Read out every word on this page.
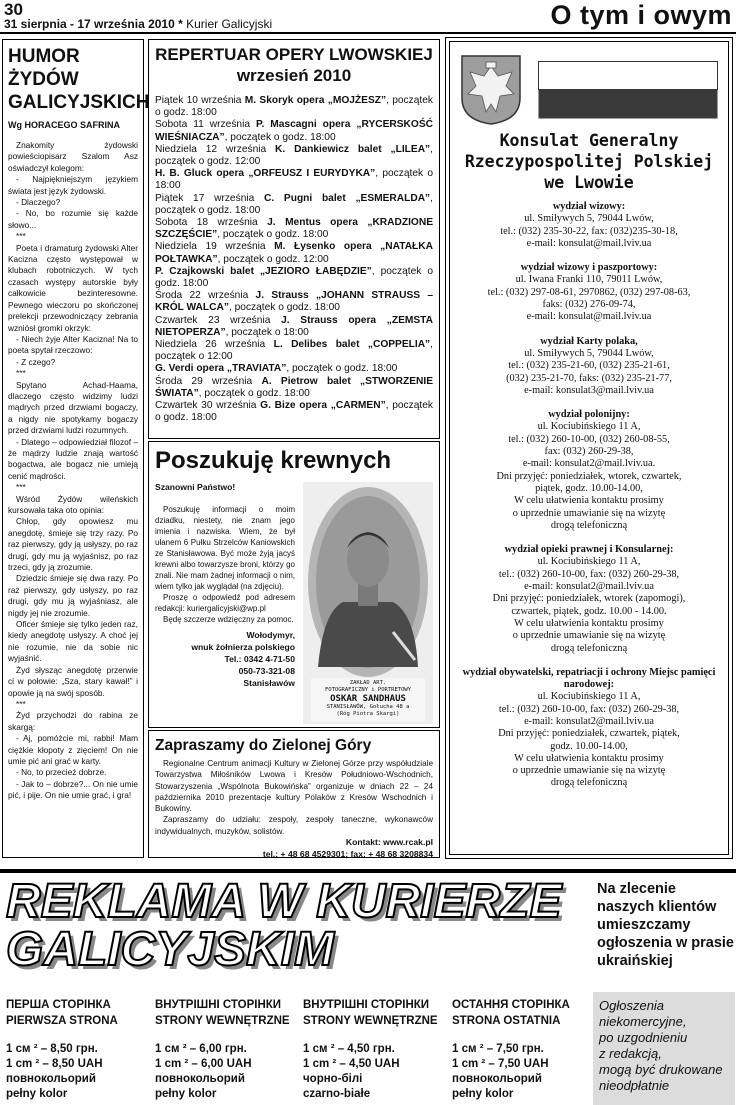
30
31 sierpnia - 17 września 2010 * Kurier Galicyjski	O tym i owym
HUMOR ŻYDÓW GALICYJSKICH
Wg HORACEGO SAFRINA

Znakomity żydowski powieściopisarz Szalom Asz oświadczył kolegom:

- Najpiękniejszym językiem świata jest język żydowski.

- Dlaczego?

- No, bo rozumie się każde słowo...

***

Poeta i dramaturg żydowski Alter Kacizna często występował w klubach robotniczych. W tych czasach występy autorskie były całkowicie bezinteresowne. Pewnego wieczoru po skończonej prelekcji przewodniczący zebrania wzniósł gromki okrzyk:

- Niech żyje Alter Kacizna! Na to poeta spytał rzeczowo:

- Z czego?

***

Spytano Achad-Haama, dlaczego często widzimy ludzi mądrych przed drzwiami bogaczy, a nigdy nie spotykamy bogaczy przed drzwiami ludzi rozumnych.

- Dlatego – odpowiedział filozof – że mądrzy ludzie znają wartość bogactwa, ale bogacz nie umieją cenić mądrości.

***

Wśród Żydów wileńskich kursowała taka oto opinia:

Chłop, gdy opowiesz mu anegdotę, śmieje się trzy razy. Po raz pierwszy, gdy ją usłyszy, po raz drugi, gdy mu ją wyjaśnisz, po raz trzeci, gdy ją zrozumie.

Dziedzic śmieje się dwa razy. Po raz pierwszy, gdy usłyszy, po raz drugi, gdy mu ją wyjaśniasz, ale nigdy jej nie zrozumie.

Oficer śmieje się tylko jeden raz, kiedy anegdotę usłyszy. A choć jej nie rozumie, nie da sobie nic wyjaśnić.

Żyd słysząc anegdotę przerwie ci w połowie: „Sza, stary kawał!” i opowie ją na swój sposób.

***

Żyd przychodzi do rabina ze skargą:

- Aj, pomóżcie mi, rabbi! Mam ciężkie kłopoty z zięciem! On nie umie pić ani grać w karty.

- No, to przecież dobrze.

- Jak to – dobrze?... On nie umie pić, i pije. On nie umie grać, i gra!

REPERTUAR OPERY LWOWSKIEJ
wrzesień 2010
Piątek 10 września M. Skoryk opera „MOJŻESZ”, początek o godz. 18:00
Sobota 11 września P. Mascagni opera „RYCERSKOŚĆ WIEŚNIACZA”, początek o godz. 18:00
Niedziela 12 września K. Dankiewicz balet „LILEA”, początek o godz. 12:00
H. B. Gluck opera „ORFEUSZ I EURYDYKA”, początek o 18:00
Piątek 17 września C. Pugni balet „ESMERALDA”, początek o godz. 18:00
Sobota 18 września J. Mentus opera „KRADZIONE SZCZĘŚCIE”, początek o godz. 18:00
Niedziela 19 września M. Łysenko opera „NATAŁKA POŁTAWKA”, początek o godz. 12:00
P. Czajkowski balet „JEZIORO ŁABĘDZIE”, początek o godz. 18:00
Środa 22 września J. Strauss „JOHANN STRAUSS – KRÓL WALCA”, początek o godz. 18:00
Czwartek 23 września J. Strauss opera „ZEMSTA NIETOPERZA”, początek o 18:00
Niedziela 26 września L. Delibes balet „COPPELIA”, początek o 12:00
G. Verdi opera „TRAVIATA”, początek o godz. 18:00
Środa 29 września A. Pietrow balet „STWORZENIE ŚWIATA”, początek o godz. 18:00
Czwartek 30 września G. Bize opera „CARMEN”, początek o godz. 18:00
Poszukuję krewnych
Szanowni Państwo!

Poszukuję informacji o moim dziadku, niestety, nie znam jego imienia i nazwiska. Wiem, że był ułanem 6 Pułku Strzelców Kaniowskich ze Stanisławowa. Być może żyją jacyś krewni albo towarzysze broni, którzy go znali. Nie mam żadnej informacji o nim, wiem tylko jak wyglądał (na zdjęciu).

Proszę o odpowiedź pod adresem redakcji: kuriergalicyjski@wp.pl

Będę szczerze wdzięczny za pomoc.

Wołodymyr,
wnuk żołnierza polskiego
Tel.: 0342 4-71-50
050-73-321-08
Stanisławów	ZAKŁAD ART.
FOTOGRAFICZNY i PORTRETOWY
OSKAR SANDHAUS
STANISŁAWÓW, Gołucha 48 a
(Róg Piotra Skargi)
Zapraszamy do Zielonej Góry

Regionalne Centrum animacji Kultury w Zielonej Górze przy współudziale Towarzystwa Miłośników Lwowa i Kresów Południowo-Wschodnich, Stowarzyszenia „Wspólnota Bukowińska” organizuje w dniach 22 – 24 października 2010 prezentacje kultury Polaków z Kresów Wschodnich i Bukowiny.

Zapraszamy do udziału: zespoły, zespoły taneczne, wykonawców indywidualnych, muzyków, solistów.

Kontakt: www.rcak.pl
tel.: + 48 68 4529301; fax: + 48 68 3208834
Konsulat Generalny Rzeczypospolitej Polskiej we Lwowie
wydział wizowy:
ul. Smiływych 5, 79044 Lwów,
tel.: (032) 235-30-22, fax: (032)235-30-18,
e-mail: konsulat@mail.lviv.ua
wydział wizowy i paszportowy:
ul. Iwana Franki 110, 79011 Lwów,
tel.: (032) 297-08-61, 2970862, (032) 297-08-63,
faks: (032) 276-09-74,
e-mail: konsulat@mail.lviv.ua
wydział Karty polaka,
ul. Smiływych 5, 79044 Lwów,
tel.: (032) 235-21-60, (032) 235-21-61,
(032) 235-21-70, faks: (032) 235-21-77,
e-mail: konsulat3@mail.lviv.ua
wydział polonijny:
ul. Kociubińskiego 11 A,
tel.: (032) 260-10-00, (032) 260-08-55,
fax: (032) 260-29-38,
e-mail: konsulat2@mail.lviv.ua.
Dni przyjęć: poniedziałek, wtorek, czwartek,
piątek, godz. 10.00-14.00,
W celu ułatwienia kontaktu prosimy
o uprzednie umawianie się na wizytę
drogą telefoniczną
wydział opieki prawnej i Konsularnej:
ul. Kociubińskiego 11 A,
tel.: (032) 260-10-00, fax: (032) 260-29-38,
e-mail: konsulat2@mail.lviv.ua
Dni przyjęć: poniedziałek, wtorek (zapomogi),
czwartek, piątek, godz. 10.00 - 14.00.
W celu ułatwienia kontaktu prosimy
o uprzednie umawianie się na wizytę
drogą telefoniczną
wydział obywatelski, repatriacji i ochrony Miejsc pamięci narodowej:
ul. Kociubińskiego 11 A,
tel.: (032) 260-10-00, fax: (032) 260-29-38,
e-mail: konsulat2@mail.lviv.ua
Dni przyjęć: poniedziałek, czwartek, piątek,
godz. 10.00-14.00,
W celu ułatwienia kontaktu prosimy
o uprzednie umawianie się na wizytę
drogą telefoniczną
REKLAMA W KURIERZE
GALICYJSKIM
Na zlecenie naszych klientów umieszczamy ogłoszenia w prasie ukraińskiej
ПЕРША СТОРІНКА
PIERWSZA STRONA
1 см ² – 8,50 грн.
1 cm ² – 8,50 UAH
повнокольорий
pełny kolor
ВНУТРІШНІ СТОРІНКИ
STRONY WEWNĘTRZNE
1 см ² – 6,00 грн.
1 cm ² – 6,00 UAH
повнокольорий
pełny kolor
ВНУТРІШНІ СТОРІНКИ
STRONY WEWNĘTRZNE
1 см ² – 4,50 грн.
1 cm ² – 4,50 UAH
чорно-білі
czarno-białe
ОСТАННЯ СТОРІНКА
STRONA OSTATNIA
1 см ² – 7,50 грн.
1 cm ² – 7,50 UAH
повнокольорий
pełny kolor
Ogłoszenia
niekomercyjne,
po uzgodnieniu
z redakcją,
mogą być drukowane
nieodpłatnie
